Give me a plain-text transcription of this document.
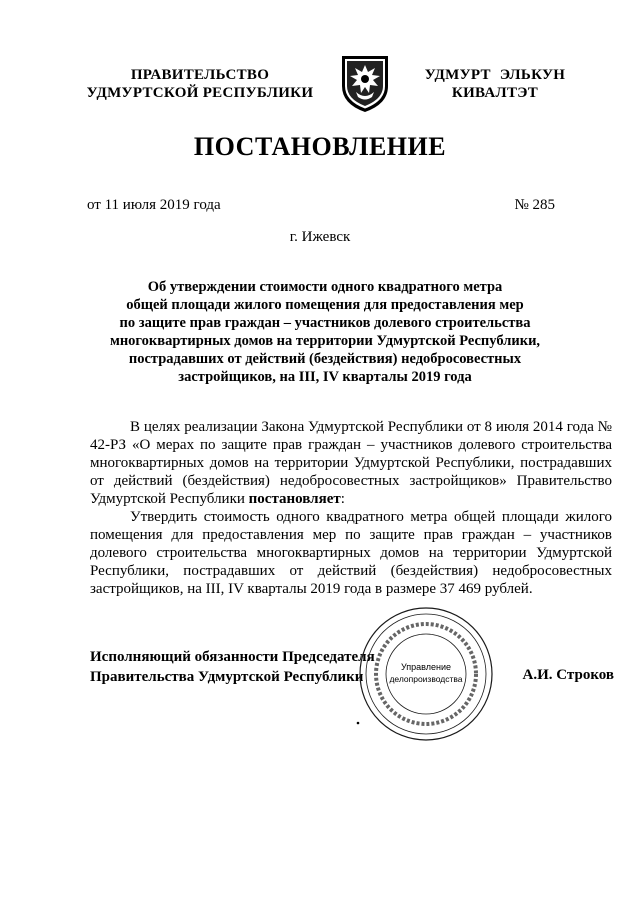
ПРАВИТЕЛЬСТВО
УДМУРТСКОЙ РЕСПУБЛИКИ
УДМУРТ ЭЛЬКУН
КИВАЛТЭТ
ПОСТАНОВЛЕНИЕ
от 11 июля 2019 года	№ 285
г. Ижевск
Об утверждении стоимости одного квадратного метра
общей площади жилого помещения для предоставления мер
по защите прав граждан – участников долевого строительства
многоквартирных домов на территории Удмуртской Республики,
пострадавших от действий (бездействия) недобросовестных
застройщиков, на III, IV кварталы 2019 года
В целях реализации Закона Удмуртской Республики от 8 июля 2014 года № 42-РЗ «О мерах по защите прав граждан – участников долевого строительства многоквартирных домов на территории Удмуртской Республики, пострадавших от действий (бездействия) недобросовестных застройщиков» Правительство Удмуртской Республики постановляет:
Утвердить стоимость одного квадратного метра общей площади жилого помещения для предоставления мер по защите прав граждан – участников долевого строительства многоквартирных домов на территории Удмуртской Республики, пострадавших от действий (бездействия) недобросовестных застройщиков, на III, IV кварталы 2019 года в размере 37 469 рублей.
Исполняющий обязанности Председателя
Правительства Удмуртской Республики
Управление
делопроизводства	А.И. Строков
